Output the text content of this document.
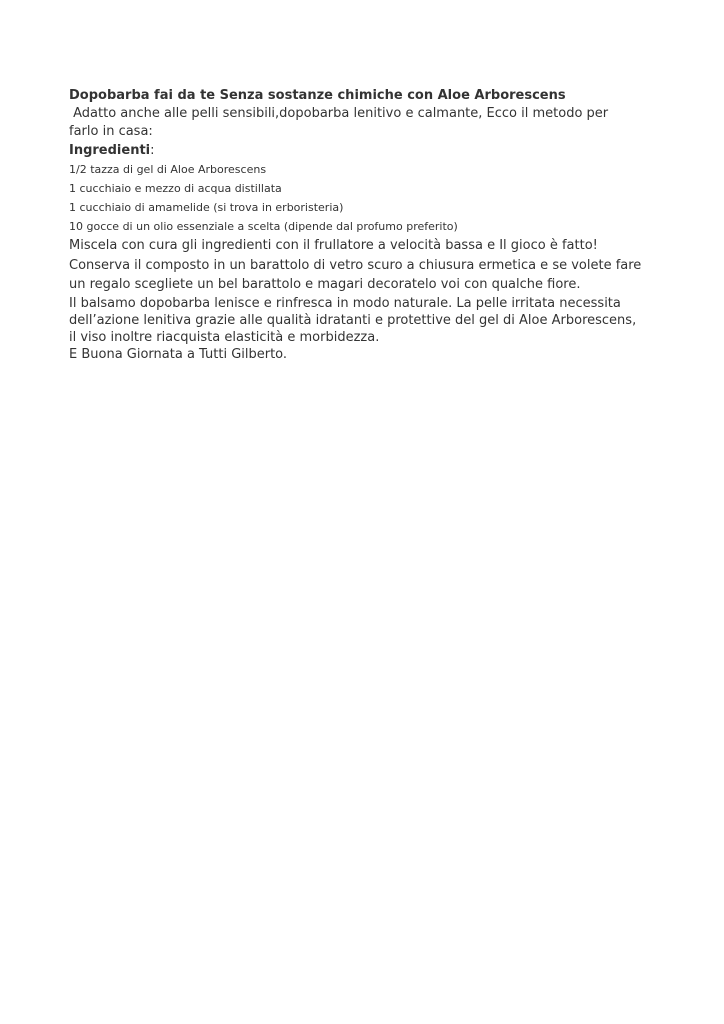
Dopobarba fai da te Senza sostanze chimiche con Aloe Arborescens

Adatto anche alle pelli sensibili,dopobarba lenitivo e calmante, Ecco il metodo per farlo in casa:

Ingredienti:

1/2 tazza di gel di Aloe Arborescens

1 cucchiaio e mezzo di acqua distillata

1 cucchiaio di amamelide (si trova in erboristeria)

10 gocce di un olio essenziale a scelta (dipende dal profumo preferito)

Miscela con cura gli ingredienti con il frullatore a velocità bassa e Il gioco è fatto! Conserva il composto in un barattolo di vetro scuro a chiusura ermetica e se volete fare un regalo scegliete un bel barattolo e magari decoratelo voi con qualche fiore.

Il balsamo dopobarba lenisce e rinfresca in modo naturale. La pelle irritata necessita dell’azione lenitiva grazie alle qualità idratanti e protettive del gel di Aloe Arborescens, il viso inoltre riacquista elasticità e morbidezza.

E Buona Giornata a Tutti Gilberto.
